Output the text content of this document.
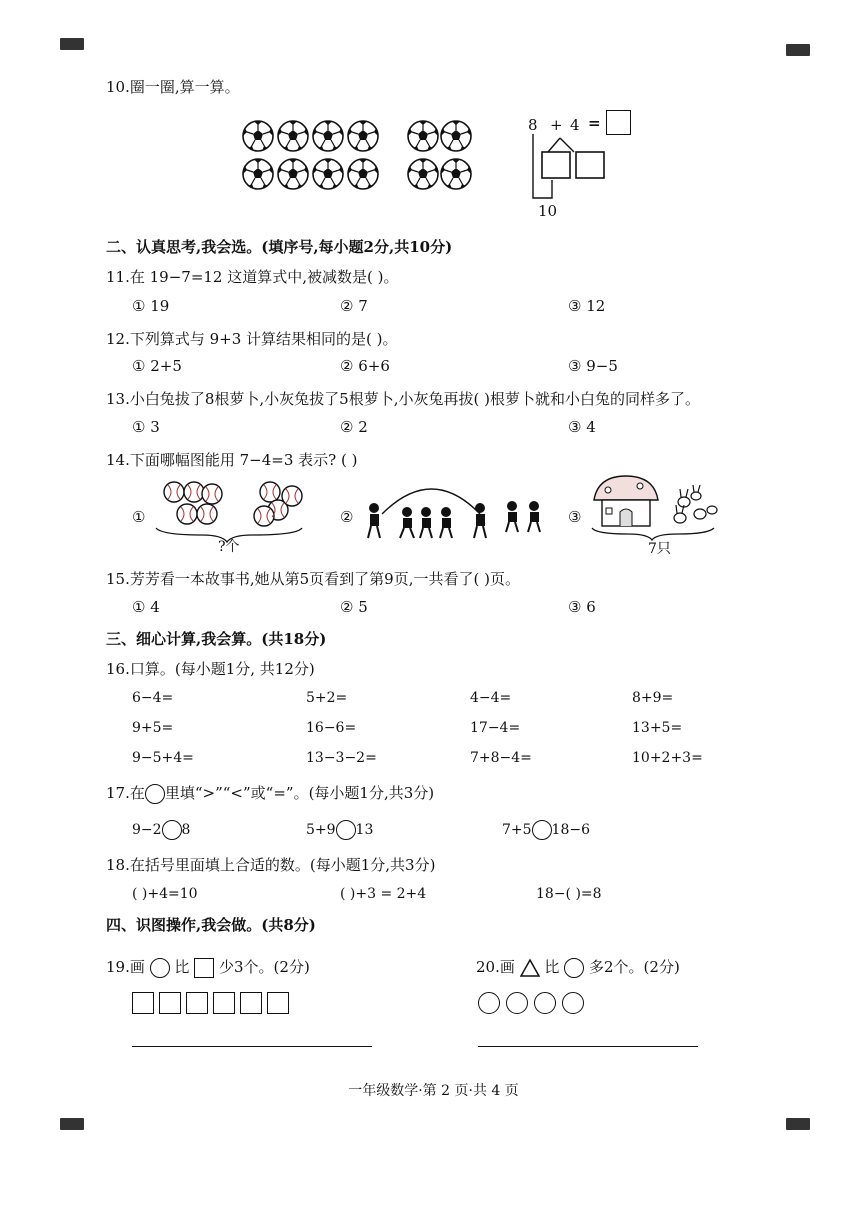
10.圈一圈,算一算。
8 + 4 =
10
二、认真思考,我会选。(填序号,每小题2分,共10分)
11.在 19−7=12 这道算式中,被减数是( )。
① 19	② 7	③ 12
12.下列算式与 9+3 计算结果相同的是( )。
① 2+5	② 6+6	③ 9−5
13.小白兔拔了8根萝卜,小灰兔拔了5根萝卜,小灰兔再拔( )根萝卜就和小白兔的同样多了。
① 3	② 2	③ 4
14.下面哪幅图能用 7−4=3 表示? ( )
①
?个
②	③
7只
15.芳芳看一本故事书,她从第5页看到了第9页,一共看了( )页。
① 4	② 5	③ 6
三、细心计算,我会算。(共18分)
16.口算。(每小题1分, 共12分)
6−4=	5+2=	4−4=	8+9=
9+5=	16−6=	17−4=	13+5=
9−5+4=	13−3−2=	7+8−4=	10+2+3=
17.在 里填“>”“<”或“=”。(每小题1分,共3分)
9−2 8	5+9 13	7+5 18−6
18.在括号里面填上合适的数。(每小题1分,共3分)
( )+4=10	( )+3 = 2+4	18−( )=8
四、识图操作,我会做。(共8分)
19.画 比 少3个。(2分)	20.画 比 多2个。(2分)
一年级数学·第 2 页·共 4 页
